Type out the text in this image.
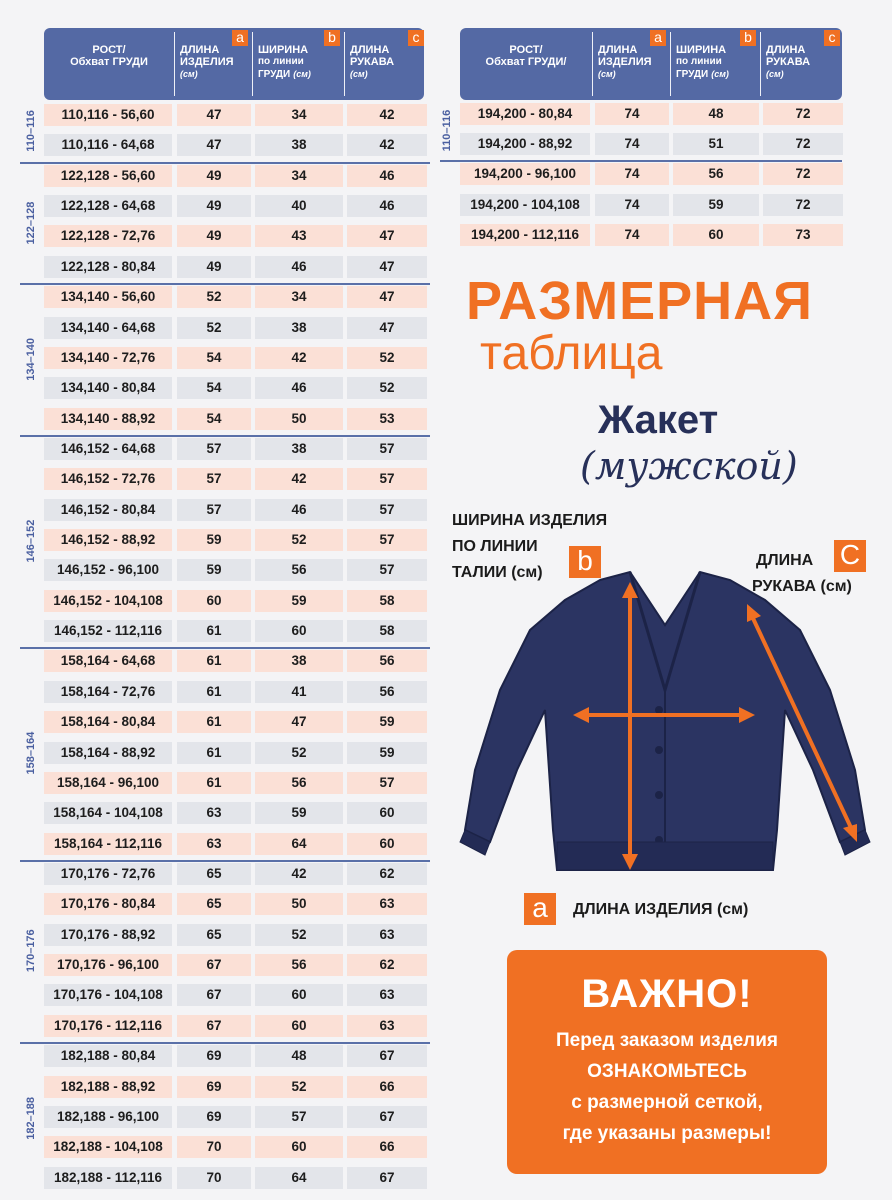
РОСТ/
Обхват ГРУДИ
ДЛИНА
ИЗДЕЛИЯ
(см)
a
ШИРИНА
по линии
ГРУДИ (см)
b
ДЛИНА
РУКАВА
(см)
c
110,116 - 56,60	47	34	42
110,116 - 64,68	47	38	42
110–116
122,128 - 56,60	49	34	46
122,128 - 64,68	49	40	46
122,128 - 72,76	49	43	47
122,128 - 80,84	49	46	47
122–128
134,140 - 56,60	52	34	47
134,140 - 64,68	52	38	47
134,140 - 72,76	54	42	52
134,140 - 80,84	54	46	52
134,140 - 88,92	54	50	53
134–140
146,152 - 64,68	57	38	57
146,152 - 72,76	57	42	57
146,152 - 80,84	57	46	57
146,152 - 88,92	59	52	57
146,152 - 96,100	59	56	57
146,152 - 104,108	60	59	58
146,152 - 112,116	61	60	58
146–152
158,164 - 64,68	61	38	56
158,164 - 72,76	61	41	56
158,164 - 80,84	61	47	59
158,164 - 88,92	61	52	59
158,164 - 96,100	61	56	57
158,164 - 104,108	63	59	60
158,164 - 112,116	63	64	60
158–164
170,176 - 72,76	65	42	62
170,176 - 80,84	65	50	63
170,176 - 88,92	65	52	63
170,176 - 96,100	67	56	62
170,176 - 104,108	67	60	63
170,176 - 112,116	67	60	63
170–176
182,188 - 80,84	69	48	67
182,188 - 88,92	69	52	66
182,188 - 96,100	69	57	67
182,188 - 104,108	70	60	66
182,188 - 112,116	70	64	67
182–188
РОСТ/
Обхват ГРУДИ/
ДЛИНА
ИЗДЕЛИЯ
(см)
a
ШИРИНА
по линии
ГРУДИ (см)
b
ДЛИНА
РУКАВА
(см)
c
194,200 - 80,84	74	48	72
194,200 - 88,92	74	51	72
110–116
194,200 - 96,100	74	56	72
194,200 - 104,108	74	59	72
194,200 - 112,116	74	60	73
РАЗМЕРНАЯ
таблица
Жакет
(мужской)
ШИРИНА ИЗДЕЛИЯ
ПО ЛИНИИ
ТАЛИИ (см)	b	ДЛИНА C
РУКАВА (см)
a	ДЛИНА ИЗДЕЛИЯ (см)
ВАЖНО!
Перед заказом изделия
ОЗНАКОМЬТЕСЬ
с размерной сеткой,
где указаны размеры!
